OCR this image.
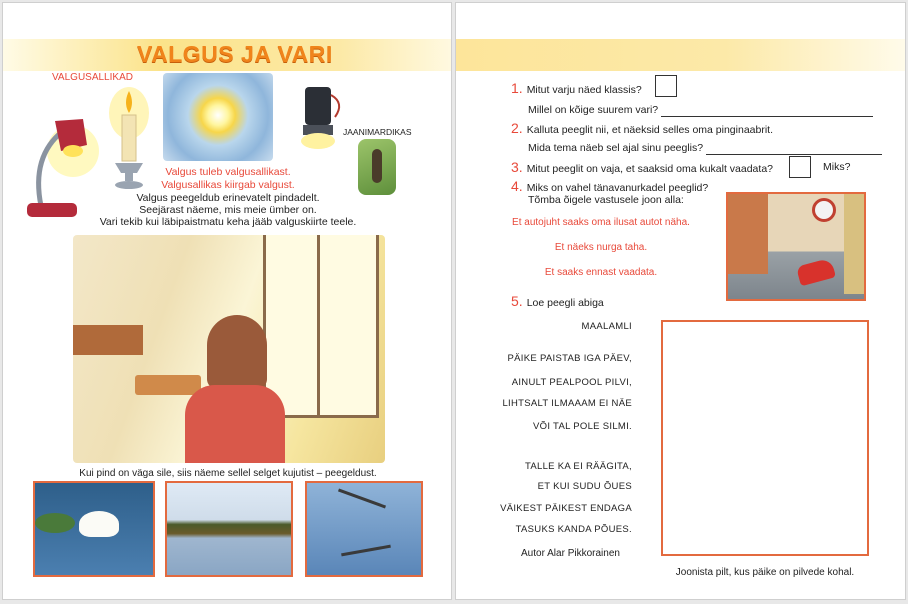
VALGUS JA VARI
VALGUSALLIKAD
JAANIMARDIKAS
Valgus tuleb valgusallikast.
Valgusallikas kiirgab valgust.
Valgus peegeldub erinevatelt pindadelt.
Seejärast näeme, mis meie ümber on.
Vari tekib kui läbipaistmatu keha jääb valguskiirte teele.
Kui pind on väga sile, siis näeme sellel selget kujutist – peegeldust.
1. Mitut varju näed klassis?
Millel on kõige suurem vari?
2. Kalluta peeglit nii, et näeksid selles oma pinginaabrit.
Mida tema näeb sel ajal sinu peeglis?
3. Mitut peeglit on vaja, et saaksid oma kukalt vaadata?	Miks?
4. Miks on vahel tänavanurkadel peeglid?
Tõmba õigele vastusele joon alla:
Et autojuht saaks oma ilusat autot näha.
Et näeks nurga taha.
Et saaks ennast vaadata.
5. Loe peegli abiga
MAALAMLI
PÄIKE PAISTAB IGA PÄEV,
AINULT PEALPOOL PILVI,
LIHTSALT ILMAAAM EI NÄE
VÕI TAL POLE SILMI.
TALLE KA EI RÄÄGITA,
ET KUI SUDU ÕUES
VÄIKEST PÄIKEST ENDAGA
TASUKS KANDA PÕUES.
Autor Alar Pikkorainen
Joonista pilt, kus päike on pilvede kohal.
